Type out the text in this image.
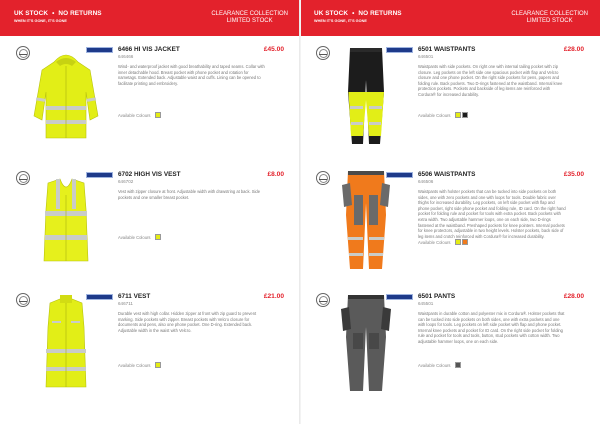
UK STOCK • NO RETURNS
WHEN IT'S GONE, IT'S GONE
CLEARANCE COLLECTION
LIMITED STOCK
6466 HI VIS JACKET
646466
Wind- and waterproof jacket with good breathability and taped seams. Collar with inner detachable hood. Breast pocket with phone pocket and rotation for nametags. Extended back. Adjustable waist and cuffs. Lining can be opened to facilitate printing and embroidery.
£45.00
Available Colours
6702 HIGH VIS VEST
646702
Vest with zipper closure at front. Adjustable width with drawstring at back. Side pockets and one smaller breast pocket.
£8.00
Available Colours
6711 VEST
646711
Durable vest with high collar. Hidden zipper at front with zip guard to prevent marking. Side pockets with zipper. Breast pockets with Velcro closure for documents and pens, also one phone pocket. One D-ring. Extended back. Adjustable width in the waist with Velcro.
£21.00
Available Colours
UK STOCK • NO RETURNS
WHEN IT'S GONE, IT'S GONE
CLEARANCE COLLECTION
LIMITED STOCK
6501 WAISTPANTS
646501
Waistpants with side pockets. On right one with internal tailing pocket with zip closure. Leg pockets on the left side one spacious pocket with flap and Velcro closure and one phone pocket. On the right side pockets for pens, papers and folding rule. Back pockets. Two D-rings fastened at the waistband. Internal knee protection pockets. Pockets and backside of leg items are reinforced with Cordura® for increased durability.
£28.00
Available Colours
6506 WAISTPANTS
646506
Waistpants with holster pockets that can be tucked into side pockets on both sides, one with zero pockets and one with loops for tools. Double fabric over thighs for increased durability. Leg pockets, on left side pocket with flap and phone pocket, right side phone pocket and folding rule, ID card. On the right hand pocket for folding rule and pocket for tools with extra pocket. Back pockets with extra width. Two adjustable hammer loops, one on each side, two D-rings fastened at the waistband. Preshaped pockets for knee pointers. Internal pockets for knee protectors, adjustable in two height levels. Holster pockets, back side of leg items and crotch reinforced with Cordura® for increased durability.
£35.00
Available Colours
6501 PANTS
645501
Waistpants in durable cotton and polyester mix in Cordura®. Holster pockets that can be tucked into side pockets on both sides, one with extra pockets and one with loops for tools. Leg pockets on left side pocket with flap and phone pocket. Internal knee pockets and pocket for ID card. On the right side pocket for folding rule and pocket for tools and tools, button, stud pockets with cotton width. Two adjustable hammer loops, one on each side.
£28.00
Available Colours
